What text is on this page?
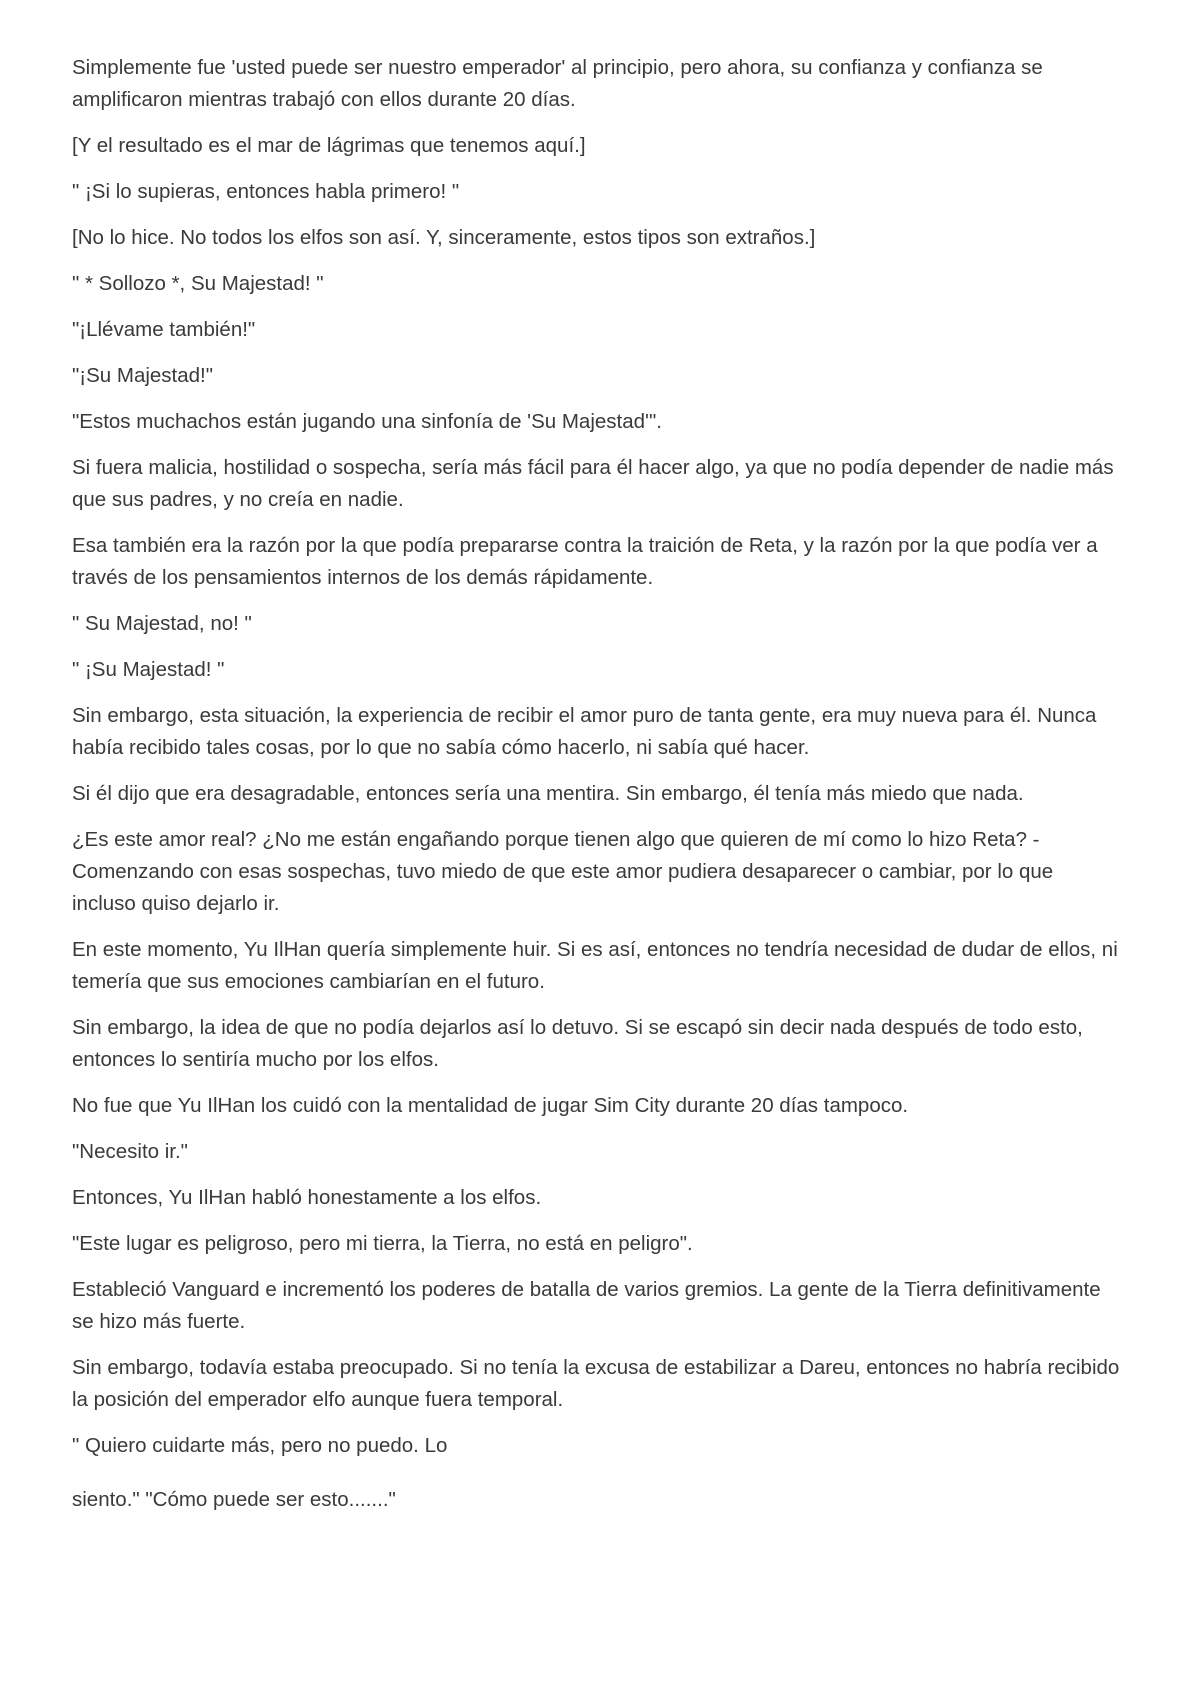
Simplemente fue 'usted puede ser nuestro emperador' al principio, pero ahora, su confianza y confianza se amplificaron mientras trabajó con ellos durante 20 días.

[Y el resultado es el mar de lágrimas que tenemos aquí.]

" ¡Si lo supieras, entonces habla primero! "

[No lo hice. No todos los elfos son así. Y, sinceramente, estos tipos son extraños.]

" * Sollozo *, Su Majestad! "

"¡Llévame también!"

"¡Su Majestad!"

"Estos muchachos están jugando una sinfonía de 'Su Majestad'".

Si fuera malicia, hostilidad o sospecha, sería más fácil para él hacer algo, ya que no podía depender de nadie más que sus padres, y no creía en nadie.

Esa también era la razón por la que podía prepararse contra la traición de Reta, y la razón por la que podía ver a través de los pensamientos internos de los demás rápidamente.

" Su Majestad, no! "

" ¡Su Majestad! "

Sin embargo, esta situación, la experiencia de recibir el amor puro de tanta gente, era muy nueva para él. Nunca había recibido tales cosas, por lo que no sabía cómo hacerlo, ni sabía qué hacer.

Si él dijo que era desagradable, entonces sería una mentira. Sin embargo, él tenía más miedo que nada.

¿Es este amor real? ¿No me están engañando porque tienen algo que quieren de mí como lo hizo Reta? - Comenzando con esas sospechas, tuvo miedo de que este amor pudiera desaparecer o cambiar, por lo que incluso quiso dejarlo ir.

En este momento, Yu IlHan quería simplemente huir. Si es así, entonces no tendría necesidad de dudar de ellos, ni temería que sus emociones cambiarían en el futuro.

Sin embargo, la idea de que no podía dejarlos así lo detuvo. Si se escapó sin decir nada después de todo esto, entonces lo sentiría mucho por los elfos.

No fue que Yu IlHan los cuidó con la mentalidad de jugar Sim City durante 20 días tampoco.

"Necesito ir."

Entonces, Yu IlHan habló honestamente a los elfos.

"Este lugar es peligroso, pero mi tierra, la Tierra, no está en peligro".

Estableció Vanguard e incrementó los poderes de batalla de varios gremios. La gente de la Tierra definitivamente se hizo más fuerte.

Sin embargo, todavía estaba preocupado. Si no tenía la excusa de estabilizar a Dareu, entonces no habría recibido la posición del emperador elfo aunque fuera temporal.

" Quiero cuidarte más, pero no puedo. Lo

siento." "Cómo puede ser esto......."
